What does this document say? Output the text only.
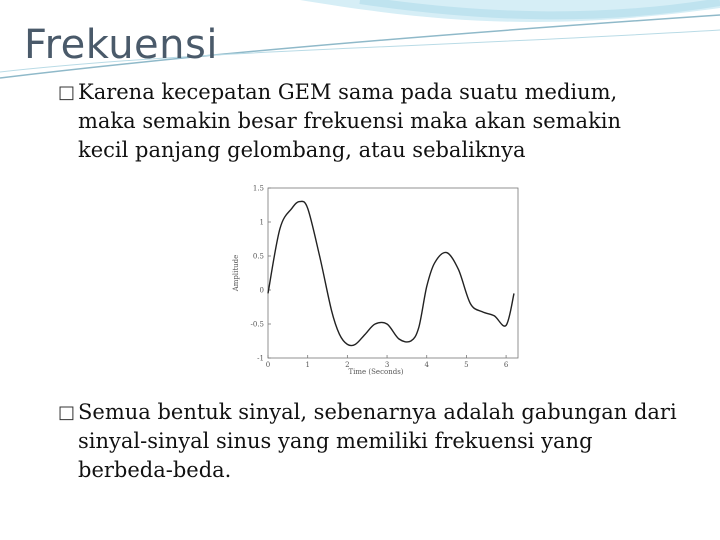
Frekuensi
□ Karena kecepatan GEM sama pada suatu medium, maka semakin besar frekuensi maka akan semakin kecil panjang gelombang, atau sebaliknya
-1
-0.5
0
0.5
1
1.5
0	1	2	3	4	5	6
Time (Seconds)
Amplitude
□ Semua bentuk sinyal, sebenarnya adalah gabungan dari sinyal-sinyal sinus yang memiliki frekuensi yang berbeda-beda.
